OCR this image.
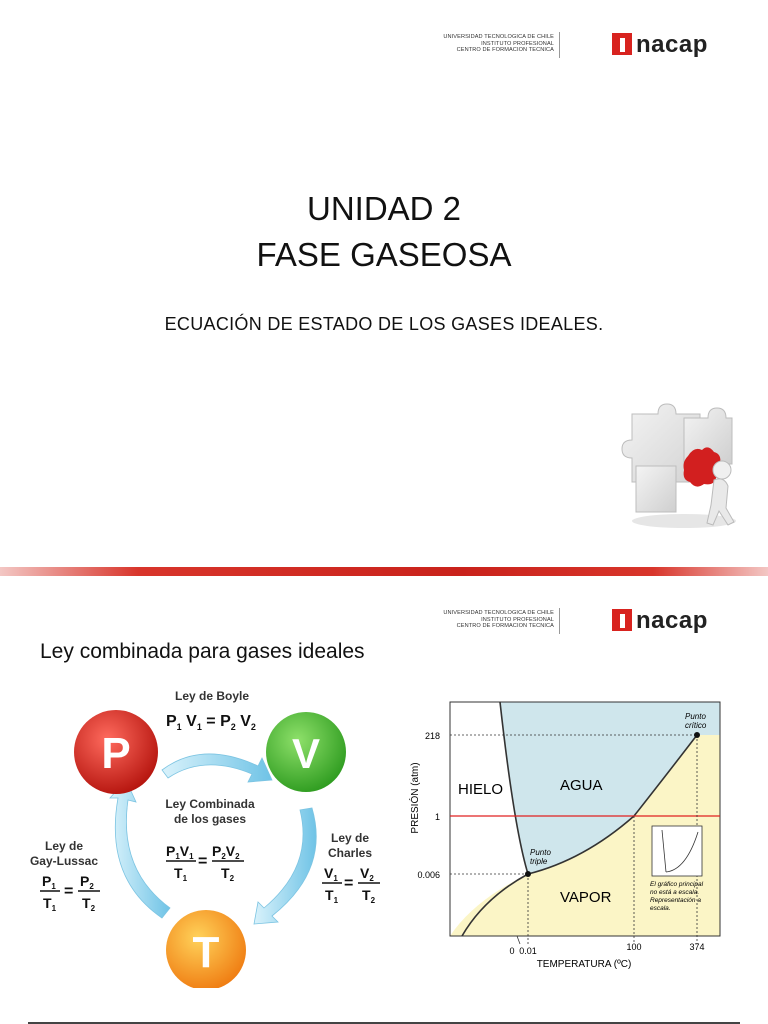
UNIVERSIDAD TECNOLOGICA DE CHILE
INSTITUTO PROFESIONAL
CENTRO DE FORMACION TECNICA	nacap
UNIDAD 2
FASE GASEOSA
ECUACIÓN DE ESTADO DE LOS GASES IDEALES.
UNIVERSIDAD TECNOLOGICA DE CHILE
INSTITUTO PROFESIONAL
CENTRO DE FORMACION TECNICA	nacap
Ley combinada para gases ideales
P	V
T
Ley de Boyle
$P_1$ $V_1 = P_2$ $V_2$
Ley Combinada
de los gases
$P_1V_1$
$T_1$
=
$P_2V_2$
$T_2$
Ley de
Charles
$V_1$
$T_1$
=
$V_2$
$T_2$
Ley de
Gay-Lussac
$P_1$
$T_1$
=
$P_2$
$T_2$
218
1
0.006
0 0.01	100	374
TEMPERATURA (ºC)
PRESIÓN (atm) HIELO	AGUA
VAPOR
Punto
crítico
Punto
triple
El gráfico principal
no está a escala.
Representación a
escala.
